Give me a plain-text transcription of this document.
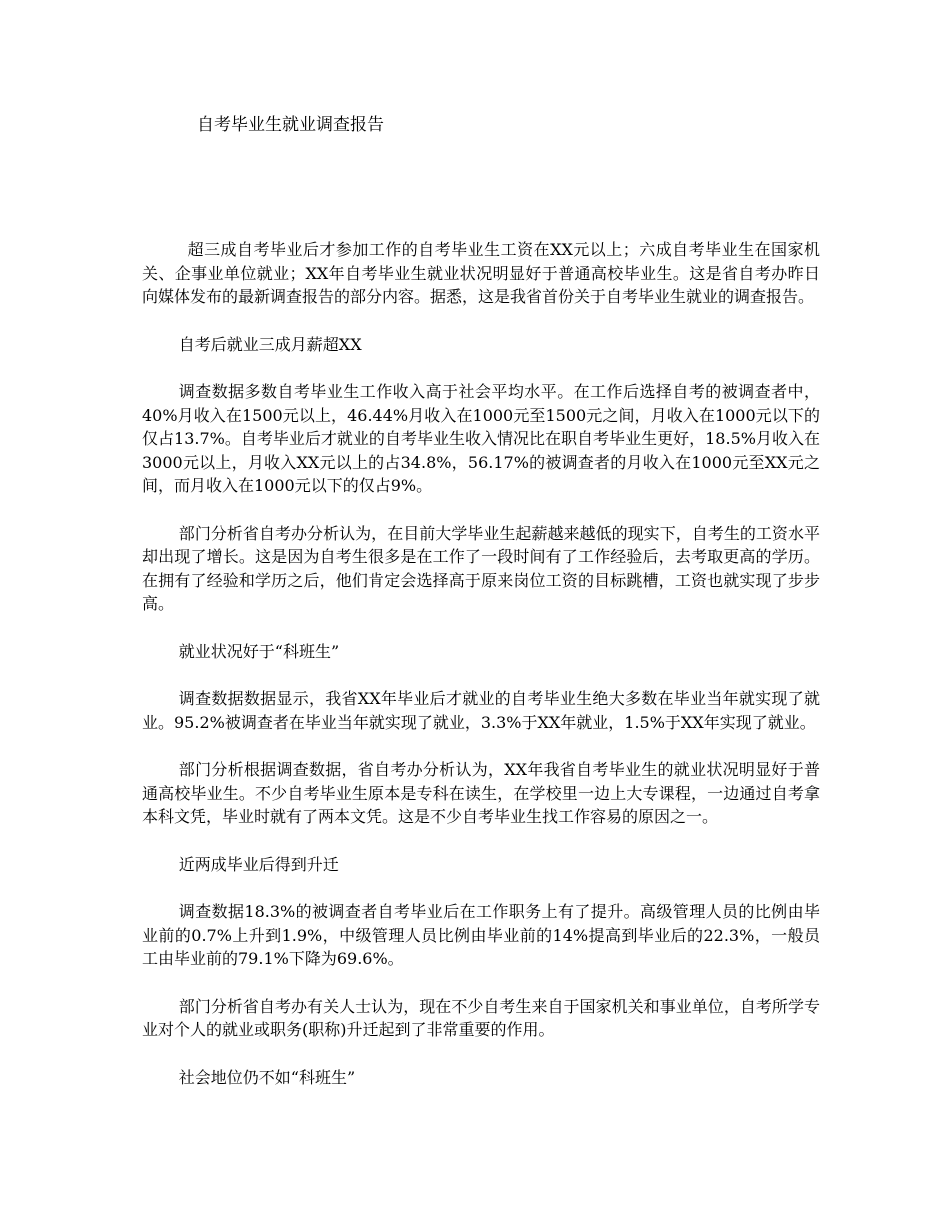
自考毕业生就业调查报告

超三成自考毕业后才参加工作的自考毕业生工资在XX元以上；六成自考毕业生在国家机关、企事业单位就业；XX年自考毕业生就业状况明显好于普通高校毕业生。这是省自考办昨日向媒体发布的最新调查报告的部分内容。据悉，这是我省首份关于自考毕业生就业的调查报告。

自考后就业三成月薪超XX

调查数据多数自考毕业生工作收入高于社会平均水平。在工作后选择自考的被调查者中，40%月收入在1500元以上，46.44%月收入在1000元至1500元之间，月收入在1000元以下的仅占13.7%。自考毕业后才就业的自考毕业生收入情况比在职自考毕业生更好，18.5%月收入在3000元以上，月收入XX元以上的占34.8%，56.17%的被调查者的月收入在1000元至XX元之间，而月收入在1000元以下的仅占9%。

部门分析省自考办分析认为，在目前大学毕业生起薪越来越低的现实下，自考生的工资水平却出现了增长。这是因为自考生很多是在工作了一段时间有了工作经验后，去考取更高的学历。在拥有了经验和学历之后，他们肯定会选择高于原来岗位工资的目标跳槽，工资也就实现了步步高。

就业状况好于“科班生”

调查数据数据显示，我省XX年毕业后才就业的自考毕业生绝大多数在毕业当年就实现了就业。95.2%被调查者在毕业当年就实现了就业，3.3%于XX年就业，1.5%于XX年实现了就业。

部门分析根据调查数据，省自考办分析认为，XX年我省自考毕业生的就业状况明显好于普通高校毕业生。不少自考毕业生原本是专科在读生，在学校里一边上大专课程，一边通过自考拿本科文凭，毕业时就有了两本文凭。这是不少自考毕业生找工作容易的原因之一。

近两成毕业后得到升迁

调查数据18.3%的被调查者自考毕业后在工作职务上有了提升。高级管理人员的比例由毕业前的0.7%上升到1.9%，中级管理人员比例由毕业前的14%提高到毕业后的22.3%，一般员工由毕业前的79.1%下降为69.6%。

部门分析省自考办有关人士认为，现在不少自考生来自于国家机关和事业单位，自考所学专业对个人的就业或职务(职称)升迁起到了非常重要的作用。

社会地位仍不如“科班生”
